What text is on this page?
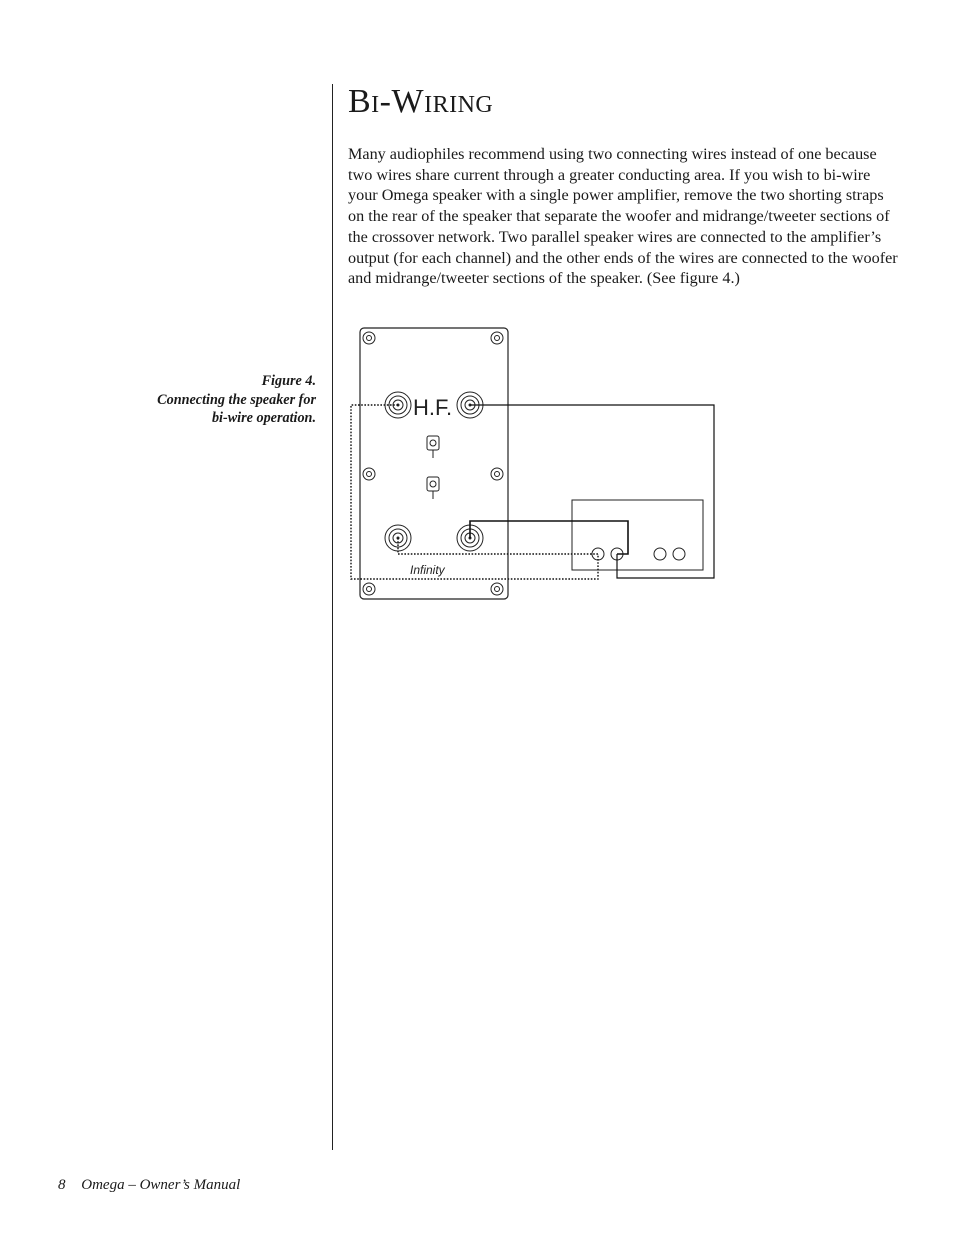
Bi-Wiring

Many audiophiles recommend using two connecting wires instead of one because two wires share current through a greater conducting area. If you wish to bi-wire your Omega speaker with a single power amplifier, remove the two shorting straps on the rear of the speaker that separate the woofer and midrange/tweeter sections of the crossover network. Two parallel speaker wires are connected to the amplifier’s output (for each channel) and the other ends of the wires are connected to the woofer and midrange/tweeter sections of the speaker. (See figure 4.)

Figure 4.
Connecting the speaker for
bi-wire operation.	H.F.
Infinity
8 Omega – Owner’s Manual
